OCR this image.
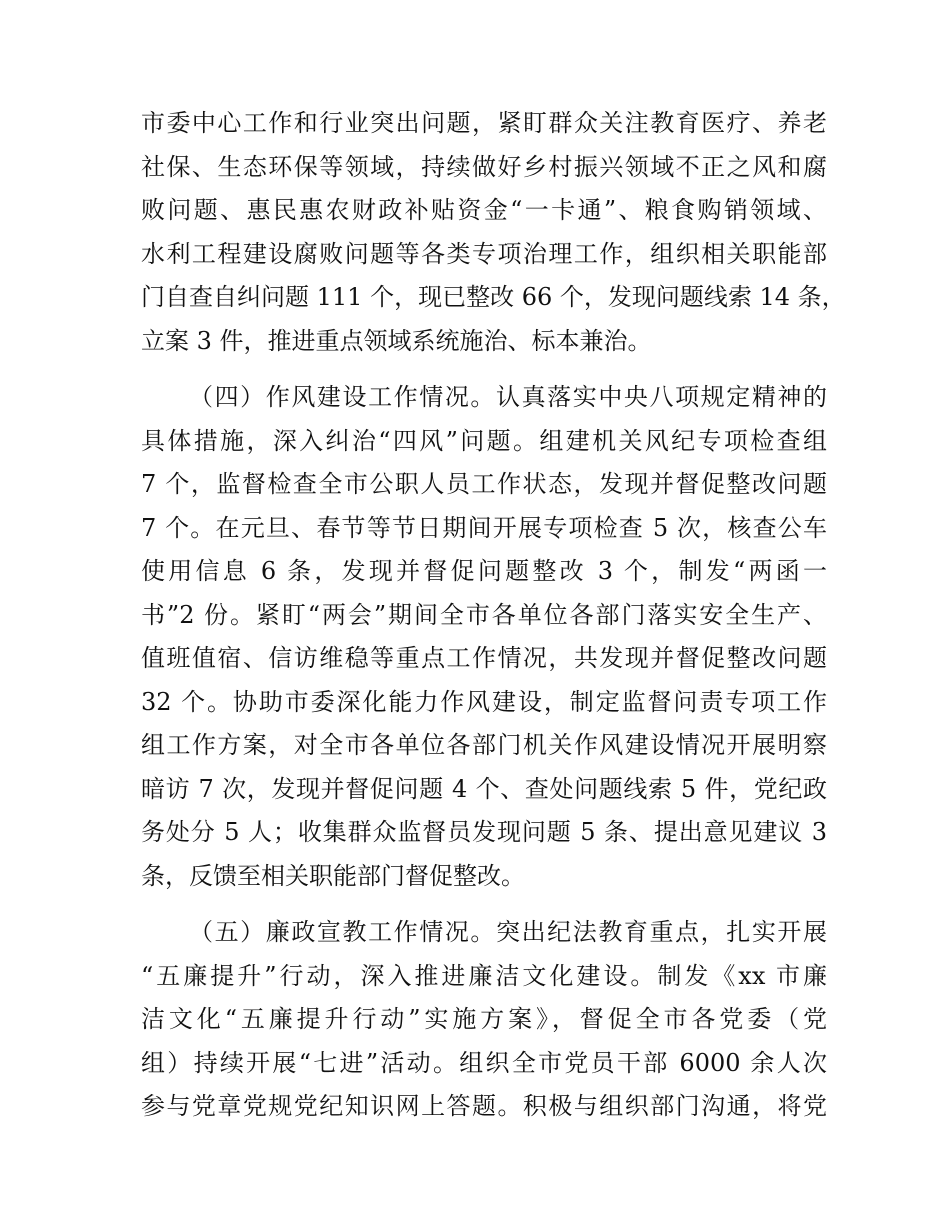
市委中心工作和行业突出问题，紧盯群众关注教育医疗、养老
社保、生态环保等领域，持续做好乡村振兴领域不正之风和腐
败问题、惠民惠农财政补贴资金“一卡通”、粮食购销领域、
水利工程建设腐败问题等各类专项治理工作，组织相关职能部
门自查自纠问题 111 个，现已整改 66 个，发现问题线索 14 条，
立案 3 件，推进重点领域系统施治、标本兼治。
（四）作风建设工作情况。认真落实中央八项规定精神的
具体措施，深入纠治“四风”问题。组建机关风纪专项检查组
7 个，监督检查全市公职人员工作状态，发现并督促整改问题
7 个。在元旦、春节等节日期间开展专项检查 5 次，核查公车
使用信息 6 条，发现并督促问题整改 3 个，制发“两函一
书”2 份。紧盯“两会”期间全市各单位各部门落实安全生产、
值班值宿、信访维稳等重点工作情况，共发现并督促整改问题
32 个。协助市委深化能力作风建设，制定监督问责专项工作
组工作方案，对全市各单位各部门机关作风建设情况开展明察
暗访 7 次，发现并督促问题 4 个、查处问题线索 5 件，党纪政
务处分 5 人；收集群众监督员发现问题 5 条、提出意见建议 3
条，反馈至相关职能部门督促整改。
（五）廉政宣教工作情况。突出纪法教育重点，扎实开展
“五廉提升”行动，深入推进廉洁文化建设。制发《xx 市廉
洁文化“五廉提升行动”实施方案》，督促全市各党委（党
组）持续开展“七进”活动。组织全市党员干部 6000 余人次
参与党章党规党纪知识网上答题。积极与组织部门沟通，将党
